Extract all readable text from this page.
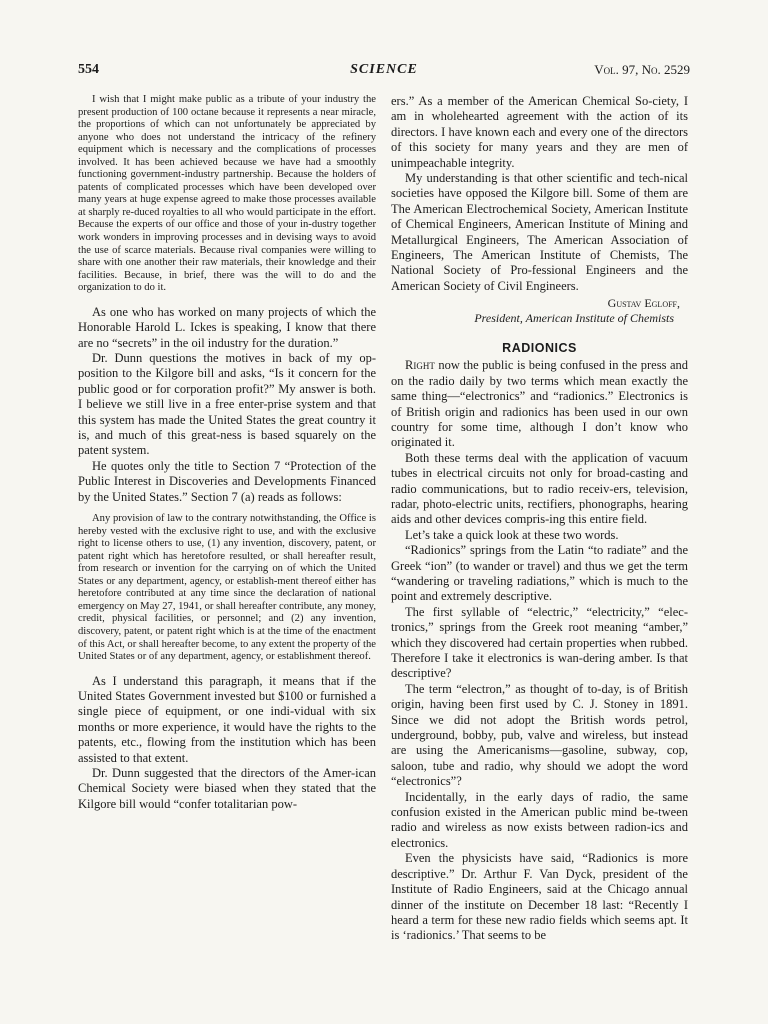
554	SCIENCE	Vol. 97, No. 2529

I wish that I might make public as a tribute of your industry the present production of 100 octane because it represents a near miracle, the proportions of which can not unfortunately be appreciated by anyone who does not understand the intricacy of the refinery equipment which is necessary and the complications of processes involved. It has been achieved because we have had a smoothly functioning government-industry partnership. Because the holders of patents of complicated processes which have been developed over many years at huge expense agreed to make those processes available at sharply re-duced royalties to all who would participate in the effort. Because the experts of our office and those of your in-dustry together work wonders in improving processes and in devising ways to avoid the use of scarce materials. Because rival companies were willing to share with one another their raw materials, their knowledge and their facilities. Because, in brief, there was the will to do and the organization to do it.

As one who has worked on many projects of which the Honorable Harold L. Ickes is speaking, I know that there are no “secrets” in the oil industry for the duration.”

Dr. Dunn questions the motives in back of my op-position to the Kilgore bill and asks, “Is it concern for the public good or for corporation profit?” My answer is both. I believe we still live in a free enter-prise system and that this system has made the United States the great country it is, and much of this great-ness is based squarely on the patent system.

He quotes only the title to Section 7 “Protection of the Public Interest in Discoveries and Developments Financed by the United States.” Section 7 (a) reads as follows:

Any provision of law to the contrary notwithstanding, the Office is hereby vested with the exclusive right to use, and with the exclusive right to license others to use, (1) any invention, discovery, patent, or patent right which has heretofore resulted, or shall hereafter result, from research or invention for the carrying on of which the United States or any department, agency, or establish-ment thereof either has heretofore contributed at any time since the declaration of national emergency on May 27, 1941, or shall hereafter contribute, any money, credit, physical facilities, or personnel; and (2) any invention, discovery, patent, or patent right which is at the time of the enactment of this Act, or shall hereafter become, to any extent the property of the United States or of any department, agency, or establishment thereof.

As I understand this paragraph, it means that if the United States Government invested but $100 or furnished a single piece of equipment, or one indi-vidual with six months or more experience, it would have the rights to the patents, etc., flowing from the institution which has been assisted to that extent.

Dr. Dunn suggested that the directors of the Amer-ican Chemical Society were biased when they stated that the Kilgore bill would “confer totalitarian pow-

ers.” As a member of the American Chemical So-ciety, I am in wholehearted agreement with the action of its directors. I have known each and every one of the directors of this society for many years and they are men of unimpeachable integrity.

My understanding is that other scientific and tech-nical societies have opposed the Kilgore bill. Some of them are The American Electrochemical Society, American Institute of Chemical Engineers, American Institute of Mining and Metallurgical Engineers, The American Association of Engineers, The American Institute of Chemists, The National Society of Pro-fessional Engineers and the American Society of Civil Engineers.

Gustav Egloff,

President, American Institute of Chemists

RADIONICS

Right now the public is being confused in the press and on the radio daily by two terms which mean exactly the same thing—“electronics” and “radionics.” Electronics is of British origin and radionics has been used in our own country for some time, although I don’t know who originated it.

Both these terms deal with the application of vacuum tubes in electrical circuits not only for broad-casting and radio communications, but to radio receiv-ers, television, radar, photo-electric units, rectifiers, phonographs, hearing aids and other devices compris-ing this entire field.

Let’s take a quick look at these two words.

“Radionics” springs from the Latin “to radiate” and the Greek “ion” (to wander or travel) and thus we get the term “wandering or traveling radiations,” which is much to the point and extremely descriptive.

The first syllable of “electric,” “electricity,” “elec-tronics,” springs from the Greek root meaning “amber,” which they discovered had certain properties when rubbed. Therefore I take it electronics is wan-dering amber. Is that descriptive?

The term “electron,” as thought of to-day, is of British origin, having been first used by C. J. Stoney in 1891. Since we did not adopt the British words petrol, underground, bobby, pub, valve and wireless, but instead are using the Americanisms—gasoline, subway, cop, saloon, tube and radio, why should we adopt the word “electronics”?

Incidentally, in the early days of radio, the same confusion existed in the American public mind be-tween radio and wireless as now exists between radion-ics and electronics.

Even the physicists have said, “Radionics is more descriptive.” Dr. Arthur F. Van Dyck, president of the Institute of Radio Engineers, said at the Chicago annual dinner of the institute on December 18 last: “Recently I heard a term for these new radio fields which seems apt. It is ‘radionics.’ That seems to be
